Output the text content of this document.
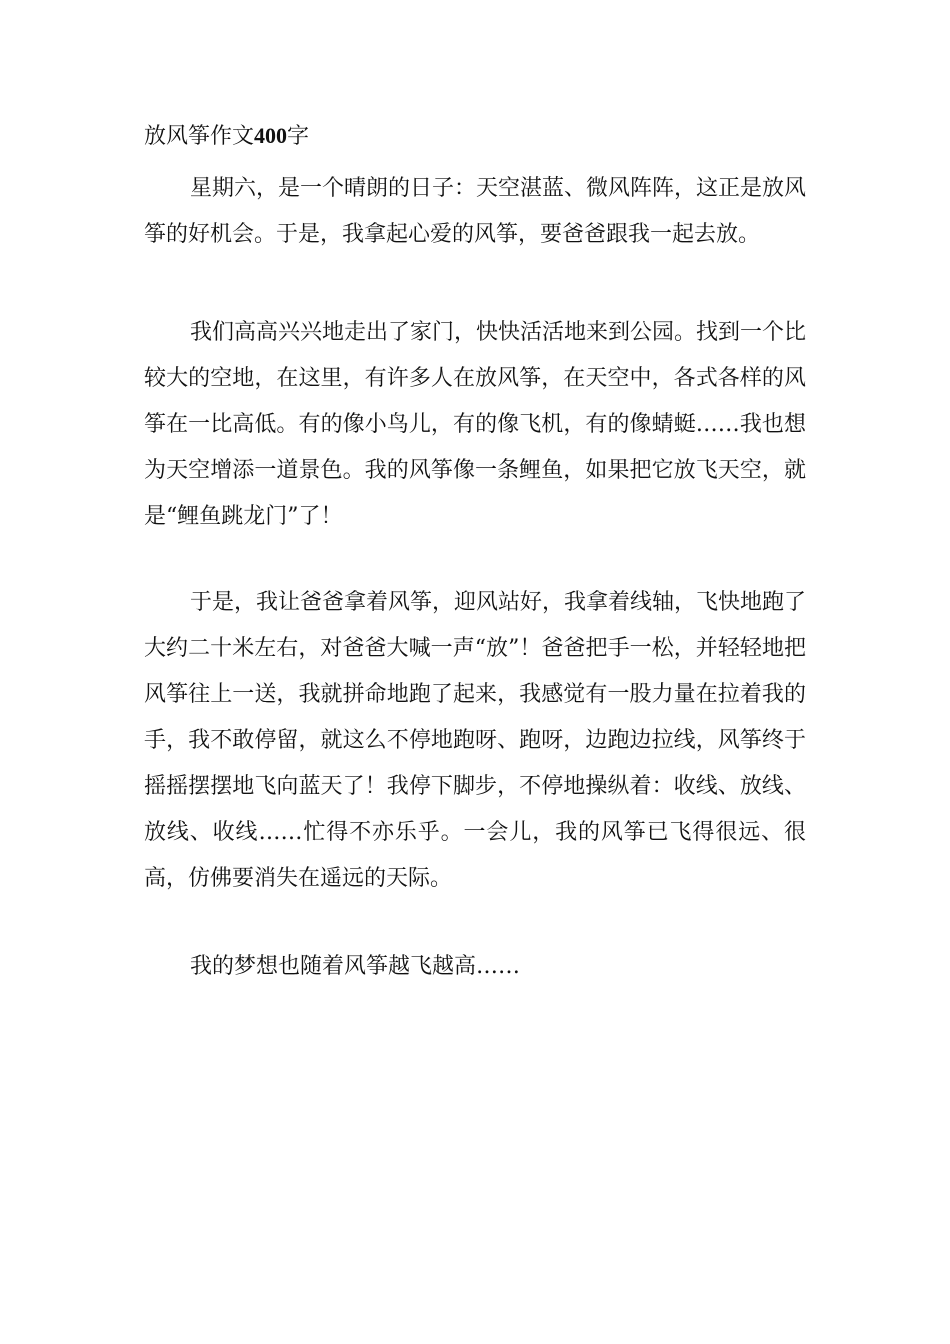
放风筝作文400字

星期六，是一个晴朗的日子：天空湛蓝、微风阵阵，这正是放风筝的好机会。于是，我拿起心爱的风筝，要爸爸跟我一起去放。

我们高高兴兴地走出了家门，快快活活地来到公园。找到一个比较大的空地，在这里，有许多人在放风筝，在天空中，各式各样的风筝在一比高低。有的像小鸟儿，有的像飞机，有的像蜻蜓……我也想为天空增添一道景色。我的风筝像一条鲤鱼，如果把它放飞天空，就是“鲤鱼跳龙门”了！

于是，我让爸爸拿着风筝，迎风站好，我拿着线轴，飞快地跑了大约二十米左右，对爸爸大喊一声“放”！爸爸把手一松，并轻轻地把风筝往上一送，我就拼命地跑了起来，我感觉有一股力量在拉着我的手，我不敢停留，就这么不停地跑呀、跑呀，边跑边拉线，风筝终于摇摇摆摆地飞向蓝天了！我停下脚步，不停地操纵着：收线、放线、放线、收线……忙得不亦乐乎。一会儿，我的风筝已飞得很远、很高，仿佛要消失在遥远的天际。

我的梦想也随着风筝越飞越高……
